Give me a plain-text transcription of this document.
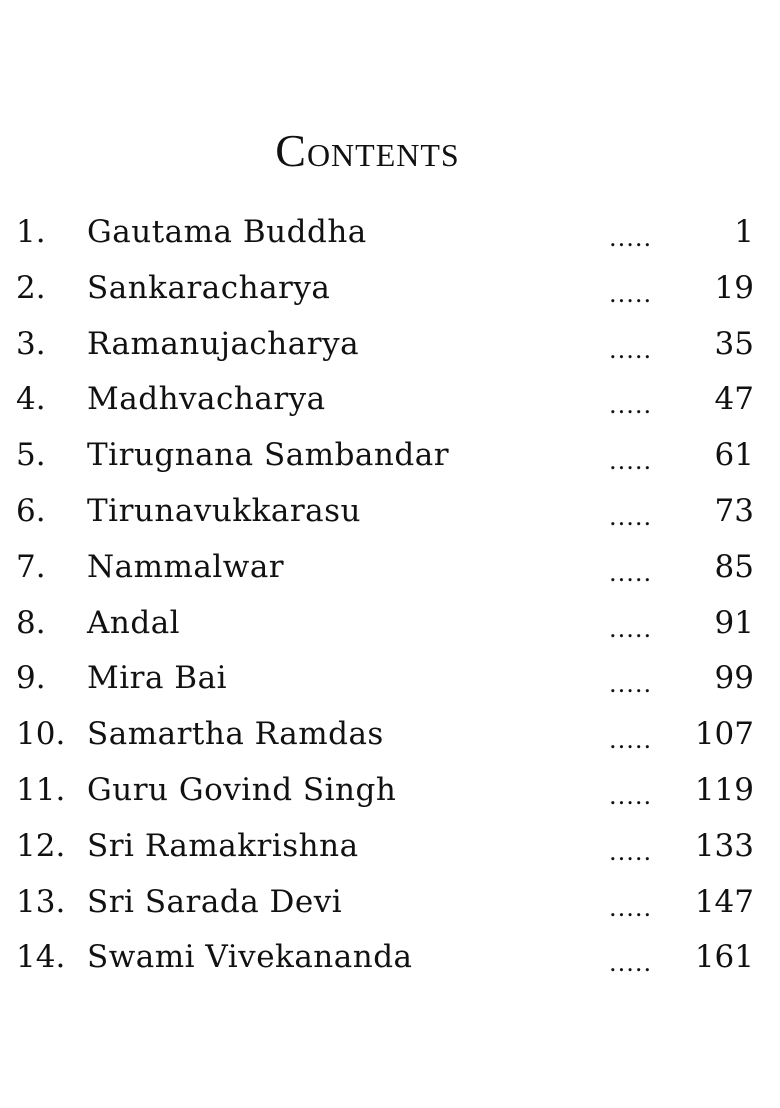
Contents
1. Gautama Buddha	.....	1
2. Sankaracharya	..... 19
3. Ramanujacharya	..... 35
4. Madhvacharya	..... 47
5. Tirugnana Sambandar	..... 61
6. Tirunavukkarasu	..... 73
7. Nammalwar	..... 85
8. Andal	..... 91
9. Mira Bai	..... 99
10. Samartha Ramdas	..... 107
11. Guru Govind Singh	..... 119
12. Sri Ramakrishna	..... 133
13. Sri Sarada Devi	..... 147
14. Swami Vivekananda	..... 161
